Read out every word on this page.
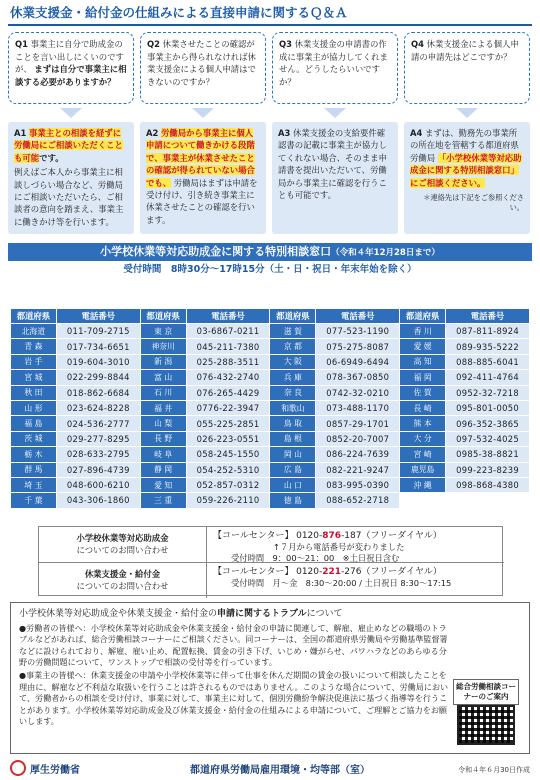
休業支援金・給付金の仕組みによる直接申請に関するＱ＆Ａ
Q1 事業主に自分で助成金のことを言い出しにくいのですが、 まずは自分で事業主に相談する必要がありますか？
A1 事業主との相談を経ずに労働局にご相談いただくことも可能です。
例えばご本人から事業主に相談しづらい場合など、労働局にご相談いただいたら、ご相談者の意向を踏まえ、事業主に働きかけ等を行います。
Q2 休業させたことの確認が事業主から得られなければ休業支援金による個人申請はできないのですか？
A2 労働局から事業主に個人申請について働きかける段階で、事業主が休業させたことの確認が得られていない場合でも、 労働局はまずは申請を受け付け、引き続き事業主に休業させたことの確認を行います。
Q3 休業支援金の申請書の作成に事業主が協力してくれません。どうしたらいいですか？
A3 休業支援金の支給要件確認書の記載に事業主が協力してくれない場合、そのまま申請書を提出いただいて、労働局から事業主に確認を行うことも可能です。
Q4 休業支援金による個人申請の申請先はどこですか？
A4 まずは、勤務先の事業所の所在地を管轄する都道府県労働局 「小学校休業等対応助成金に関する特別相談窓口」にご相談ください。
＊連絡先は下記をご参照ください。
小学校休業等対応助成金に関する特別相談窓口（令和４年12月28日まで）
受付時間　8時30分～17時15分（土・日・祝日・年末年始を除く）
都道府県	電話番号	都道府県	電話番号	都道府県	電話番号	都道府県	電話番号
北海道	011-709-2715	東 京	03-6867-0211	滋 賀	077-523-1190	香 川	087-811-8924
青 森	017-734-6651	神奈川	045-211-7380	京 都	075-275-8087	愛 媛	089-935-5222
岩 手	019-604-3010	新 潟	025-288-3511	大 阪	06-6949-6494	高 知	088-885-6041
宮 城	022-299-8844	富 山	076-432-2740	兵 庫	078-367-0850	福 岡	092-411-4764
秋 田	018-862-6684	石 川	076-265-4429	奈 良	0742-32-0210	佐 賀	0952-32-7218
山 形	023-624-8228	福 井	0776-22-3947	和歌山	073-488-1170	長 崎	095-801-0050
福 島	024-536-2777	山 梨	055-225-2851	鳥 取	0857-29-1701	熊 本	096-352-3865
茨 城	029-277-8295	長 野	026-223-0551	島 根	0852-20-7007	大 分	097-532-4025
栃 木	028-633-2795	岐 阜	058-245-1550	岡 山	086-224-7639	宮 崎	0985-38-8821
群 馬	027-896-4739	静 岡	054-252-5310	広 島	082-221-9247	鹿児島	099-223-8239
埼 玉	048-600-6210	愛 知	052-857-0312	山 口	083-995-0390	沖 縄	098-868-4380
千 葉	043-306-1860	三 重	059-226-2110	徳 島	088-652-2718		
小学校休業等対応助成金
についてのお問い合わせ
【コールセンター】 0120-876-187（フリーダイヤル）
↑７月から電話番号が変わりました
受付時間　9：00～21：00　※土日祝日含む
休業支援金・給付金
についてのお問い合わせ
【コールセンター】 0120-221-276（フリーダイヤル）
受付時間　月～金　8:30～20:00 / 土日祝日 8:30～17:15
小学校休業等対応助成金や休業支援金・給付金の申請に関するトラブルについて

●労働者の皆様へ：小学校休業等対応助成金や休業支援金・給付金の申請に関連して、解雇、雇止めなどの職場のトラブルなどがあれば、総合労働相談コーナーにご相談ください。同コーナーは、全国の都道府県労働局や労働基準監督署などに設けられており、解雇、雇い止め、配置転換、賃金の引き下げ、いじめ・嫌がらせ、パワハラなどのあらゆる分野の労働問題について、ワンストップで相談の受付等を行っています。

●事業主の皆様へ：休業支援金の申請や小学校休業等に伴って仕事を休んだ期間の賃金の扱いについて相談したことを理由に、解雇など不利益な取扱いを行うことは許されるものではありません。このような場合について、労働局において、労働者からの相談を受け付け、事業に対して、事業主に対して、個別労働紛争解決促進法に基づく指導等を行うことがあります。小学校休業等対応助成金及び休業支援金・給付金の仕組みによる申請について、ご理解とご協力をお願いします。

総合労働相談コーナーのご案内
厚生労働省	都道府県労働局雇用環境・均等部（室）	令和４年６月30日作成
